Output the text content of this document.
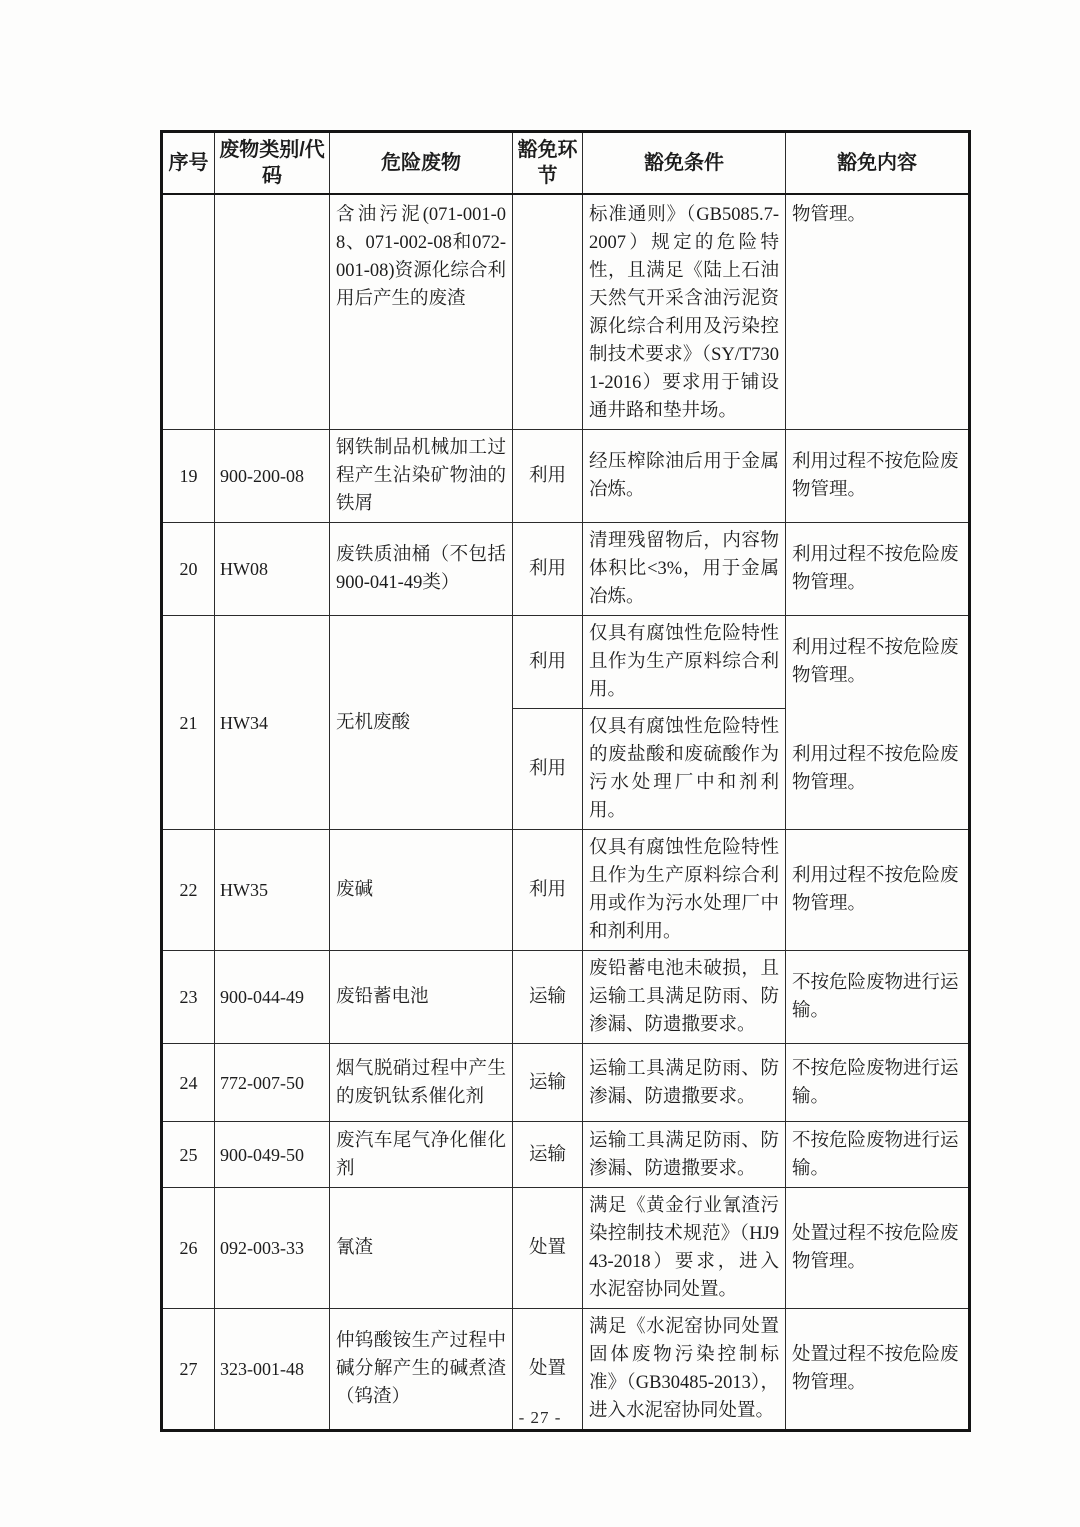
序号	废物类别/代码	危险废物	豁免环节	豁免条件	豁免内容
		含油污泥(071-001-08、071-002-08和072-001-08)资源化综合利用后产生的废渣		标准通则》（GB5085.7-2007）规定的危险特性，且满足《陆上石油天然气开采含油污泥资源化综合利用及污染控制技术要求》（SY/T7301-2016）要求用于铺设通井路和垫井场。	物管理。
19	900-200-08	钢铁制品机械加工过程产生沾染矿物油的铁屑	利用	经压榨除油后用于金属冶炼。	利用过程不按危险废物管理。
20	HW08	废铁质油桶（不包括900-041-49类）	利用	清理残留物后，内容物体积比<3%，用于金属冶炼。	利用过程不按危险废物管理。
21	HW34	无机废酸	利用	仅具有腐蚀性危险特性且作为生产原料综合利用。	利用过程不按危险废物管理。
			利用	仅具有腐蚀性危险特性的废盐酸和废硫酸作为污水处理厂中和剂利用。	利用过程不按危险废物管理。
22	HW35	废碱	利用	仅具有腐蚀性危险特性且作为生产原料综合利用或作为污水处理厂中和剂利用。	利用过程不按危险废物管理。
23	900-044-49	废铅蓄电池	运输	废铅蓄电池未破损，且运输工具满足防雨、防渗漏、防遗撒要求。	不按危险废物进行运输。
24	772-007-50	烟气脱硝过程中产生的废钒钛系催化剂	运输	运输工具满足防雨、防渗漏、防遗撒要求。	不按危险废物进行运输。
25	900-049-50	废汽车尾气净化催化剂	运输	运输工具满足防雨、防渗漏、防遗撒要求。	不按危险废物进行运输。
26	092-003-33	氰渣	处置	满足《黄金行业氰渣污染控制技术规范》（HJ943-2018）要求，进入水泥窑协同处置。	处置过程不按危险废物管理。
27	323-001-48	仲钨酸铵生产过程中碱分解产生的碱煮渣（钨渣）	处置	满足《水泥窑协同处置固体废物污染控制标准》（GB30485-2013），进入水泥窑协同处置。	处置过程不按危险废物管理。
- 27 -
